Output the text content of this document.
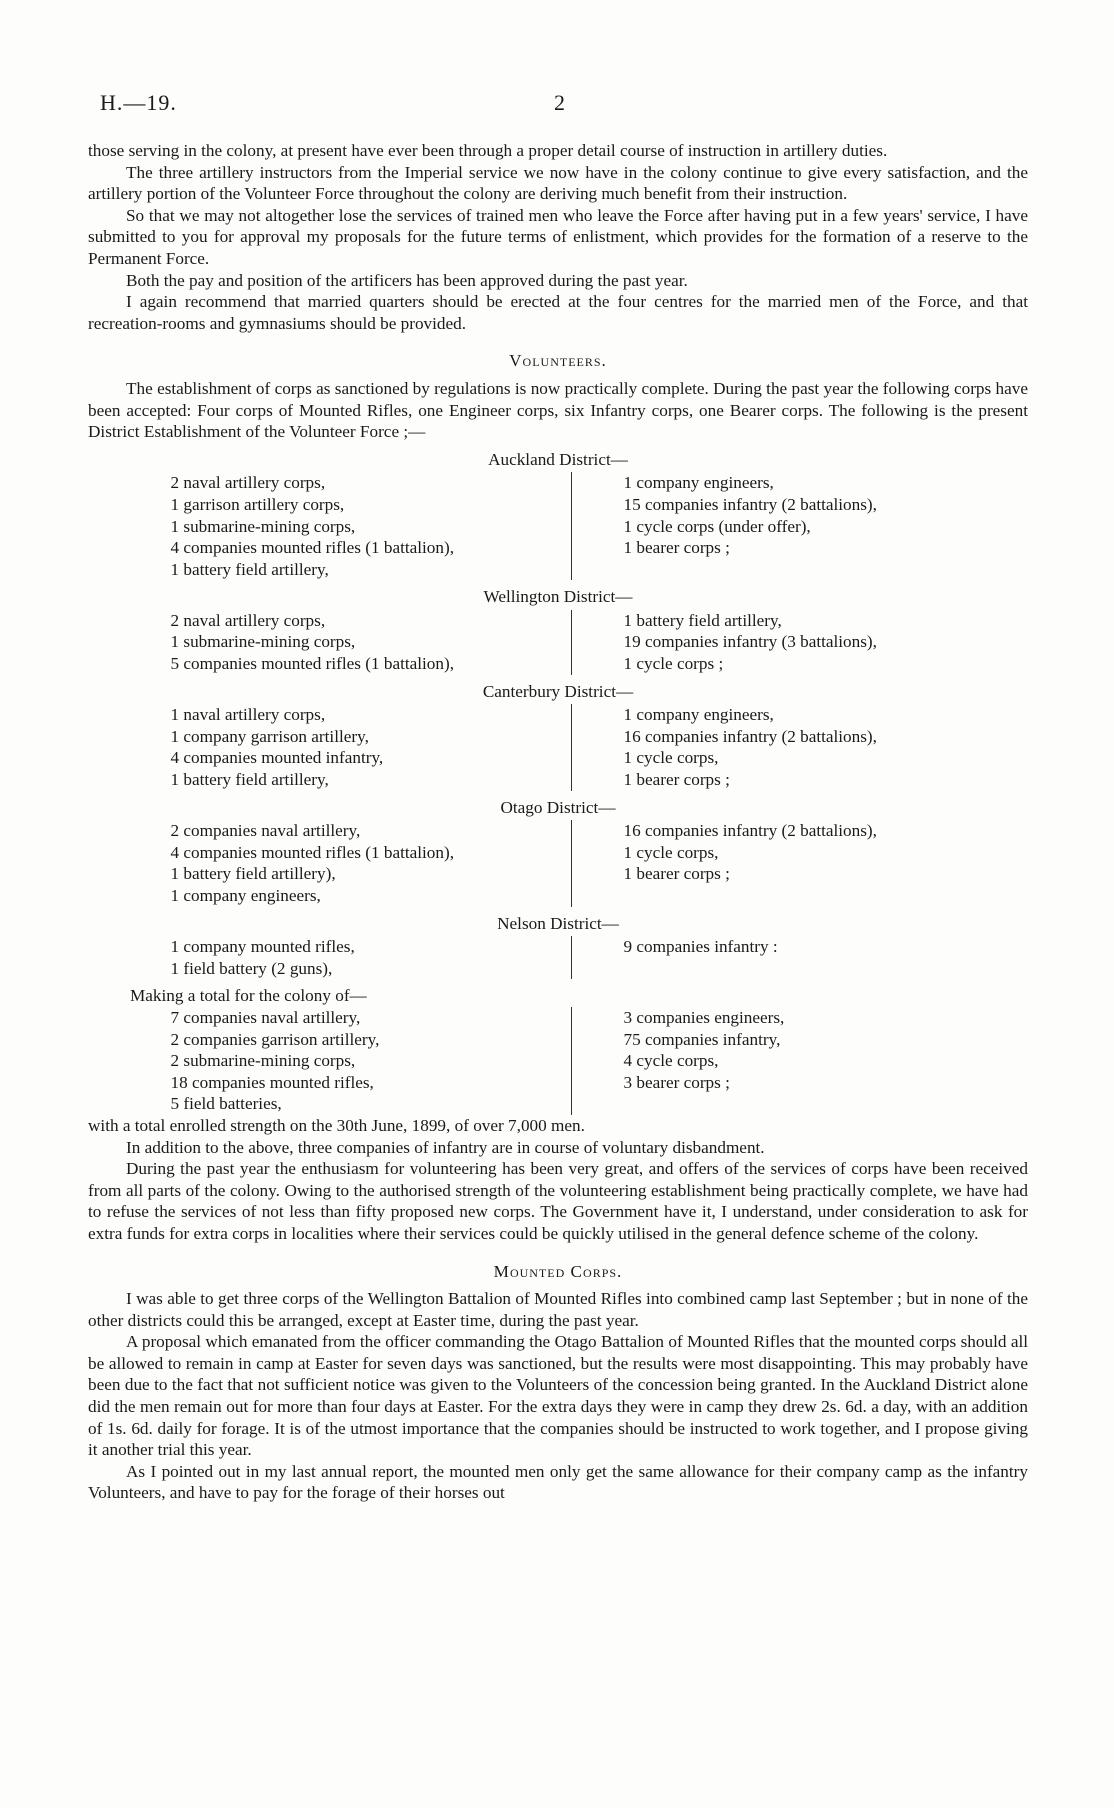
H.—19.	2

those serving in the colony, at present have ever been through a proper detail course of instruction in artillery duties.

The three artillery instructors from the Imperial service we now have in the colony continue to give every satisfaction, and the artillery portion of the Volunteer Force throughout the colony are deriving much benefit from their instruction.

So that we may not altogether lose the services of trained men who leave the Force after having put in a few years' service, I have submitted to you for approval my proposals for the future terms of enlistment, which provides for the formation of a reserve to the Permanent Force.

Both the pay and position of the artificers has been approved during the past year.

I again recommend that married quarters should be erected at the four centres for the married men of the Force, and that recreation-rooms and gymnasiums should be provided.

Volunteers.

The establishment of corps as sanctioned by regulations is now practically complete. During the past year the following corps have been accepted: Four corps of Mounted Rifles, one Engineer corps, six Infantry corps, one Bearer corps. The following is the present District Establishment of the Volunteer Force ;—

Auckland District—

2 naval artillery corps,
1 garrison artillery corps,
1 submarine-mining corps,
4 companies mounted rifles (1 battalion),
1 battery field artillery,
1 company engineers,
15 companies infantry (2 battalions),
1 cycle corps (under offer),
1 bearer corps ;

Wellington District—

2 naval artillery corps,
1 submarine-mining corps,
5 companies mounted rifles (1 battalion),
1 battery field artillery,
19 companies infantry (3 battalions),
1 cycle corps ;

Canterbury District—

1 naval artillery corps,
1 company garrison artillery,
4 companies mounted infantry,
1 battery field artillery,
1 company engineers,
16 companies infantry (2 battalions),
1 cycle corps,
1 bearer corps ;

Otago District—

2 companies naval artillery,
4 companies mounted rifles (1 battalion),
1 battery field artillery),
1 company engineers,
16 companies infantry (2 battalions),
1 cycle corps,
1 bearer corps ;

Nelson District—

1 company mounted rifles,
1 field battery (2 guns),
9 companies infantry :

Making a total for the colony of—

7 companies naval artillery,
2 companies garrison artillery,
2 submarine-mining corps,
18 companies mounted rifles,
5 field batteries,
3 companies engineers,
75 companies infantry,
4 cycle corps,
3 bearer corps ;

with a total enrolled strength on the 30th June, 1899, of over 7,000 men.

In addition to the above, three companies of infantry are in course of voluntary disbandment.

During the past year the enthusiasm for volunteering has been very great, and offers of the services of corps have been received from all parts of the colony. Owing to the authorised strength of the volunteering establishment being practically complete, we have had to refuse the services of not less than fifty proposed new corps. The Government have it, I understand, under consideration to ask for extra funds for extra corps in localities where their services could be quickly utilised in the general defence scheme of the colony.

Mounted Corps.

I was able to get three corps of the Wellington Battalion of Mounted Rifles into combined camp last September ; but in none of the other districts could this be arranged, except at Easter time, during the past year.

A proposal which emanated from the officer commanding the Otago Battalion of Mounted Rifles that the mounted corps should all be allowed to remain in camp at Easter for seven days was sanctioned, but the results were most disappointing. This may probably have been due to the fact that not sufficient notice was given to the Volunteers of the concession being granted. In the Auckland District alone did the men remain out for more than four days at Easter. For the extra days they were in camp they drew 2s. 6d. a day, with an addition of 1s. 6d. daily for forage. It is of the utmost importance that the companies should be instructed to work together, and I propose giving it another trial this year.

As I pointed out in my last annual report, the mounted men only get the same allowance for their company camp as the infantry Volunteers, and have to pay for the forage of their horses out
